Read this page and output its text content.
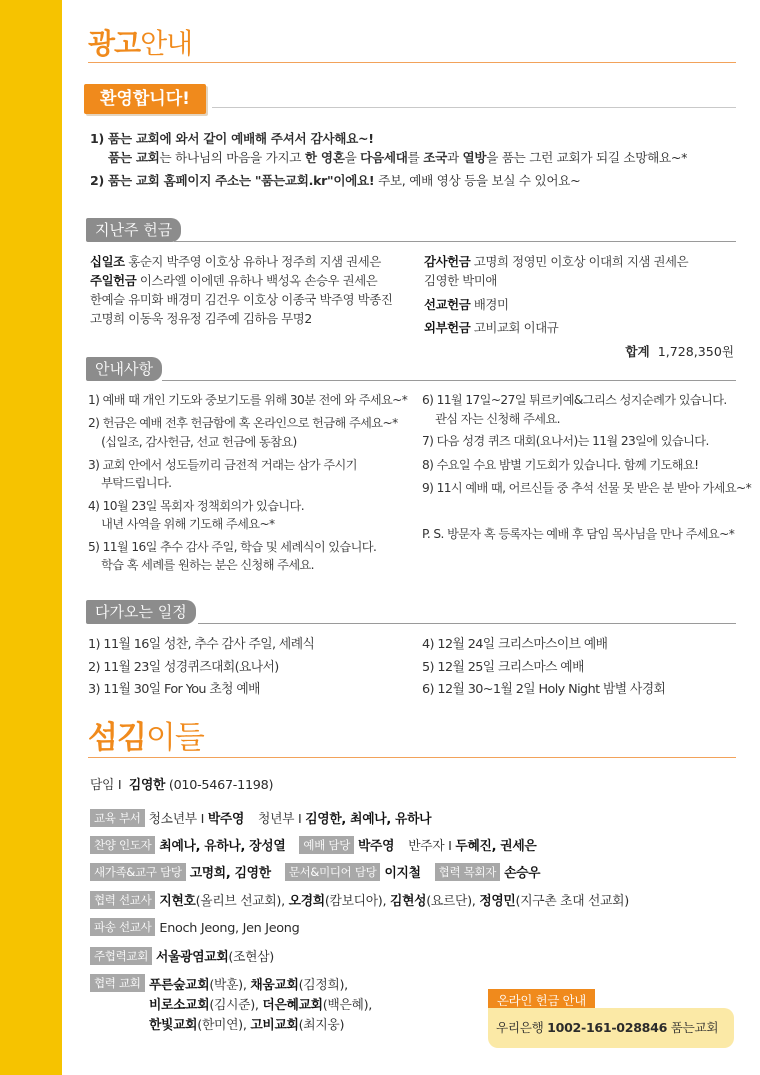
광고안내
환영합니다!
1) 품는 교회에 와서 같이 예배해 주셔서 감사해요~!
품는 교회는 하나님의 마음을 가지고 한 영혼을 다음세대를 조국과 열방을 품는 그런 교회가 되길 소망해요~*
2) 품는 교회 홈페이지 주소는 "품는교회.kr"이에요! 주보, 예배 영상 등을 보실 수 있어요~
지난주 헌금
십일조 홍순지 박주영 이호상 유하나 정주희 지샘 권세은
주일헌금 이스라엘 이에덴 유하나 백성옥 손승우 권세은
한예슬 유미화 배경미 김건우 이호상 이종국 박주영 박종진
고명희 이동욱 정유정 김주예 김하음 무명2
감사헌금 고명희 정영민 이호상 이대희 지샘 권세은
김영한 박미애
선교헌금 배경미
외부헌금 고비교회 이대규
합계 1,728,350원
안내사항
1) 예배 때 개인 기도와 중보기도를 위해 30분 전에 와 주세요~*
2) 헌금은 예배 전후 헌금함에 혹 온라인으로 헌금해 주세요~*
(십일조, 감사헌금, 선교 헌금에 동참요)
3) 교회 안에서 성도들끼리 금전적 거래는 삼가 주시기
부탁드립니다.
4) 10월 23일 목회자 정책회의가 있습니다.
내년 사역을 위해 기도해 주세요~*
5) 11월 16일 추수 감사 주일, 학습 및 세례식이 있습니다.
학습 혹 세례를 원하는 분은 신청해 주세요.
6) 11월 17일~27일 튀르키예&그리스 성지순례가 있습니다.
관심 자는 신청해 주세요.
7) 다음 성경 퀴즈 대회(요나서)는 11월 23일에 있습니다.
8) 수요일 수요 밤별 기도회가 있습니다. 함께 기도해요!
9) 11시 예배 때, 어르신들 중 추석 선물 못 받은 분 받아 가세요~*
P. S. 방문자 혹 등록자는 예배 후 담임 목사님을 만나 주세요~*
다가오는 일정
1) 11월 16일 성찬, 추수 감사 주일, 세례식
2) 11월 23일 성경퀴즈대회(요나서)
3) 11월 30일 For You 초청 예배
4) 12월 24일 크리스마스이브 예배
5) 12월 25일 크리스마스 예배
6) 12월 30~1월 2일 Holy Night 밤별 사경회
섬김이들
담임 I 김영한 (010-5467-1198)
교육 부서 청소년부 I 박주영 청년부 I 김영한, 최예나, 유하나
찬양 인도자 최예나, 유하나, 장성열 예배 담당 박주영 반주자 I 두혜진, 권세은
새가족&교구 담당 고명희, 김영한 문서&미디어 담당 이지철 협력 목회자 손승우
협력 선교사 지현호(올리브 선교회), 오경희(캄보디아), 김현성(요르단), 정영민(지구촌 초대 선교회)
파송 선교사 Enoch Jeong, Jen Jeong
주협력교회 서울광염교회(조현삼)
협력 교회 푸른숲교회(박훈), 채움교회(김정희),
비로소교회(김시준), 더은혜교회(백은혜),
한빛교회(한미연), 고비교회(최지웅)
온라인 헌금 안내
우리은행 1002-161-028846 품는교회
